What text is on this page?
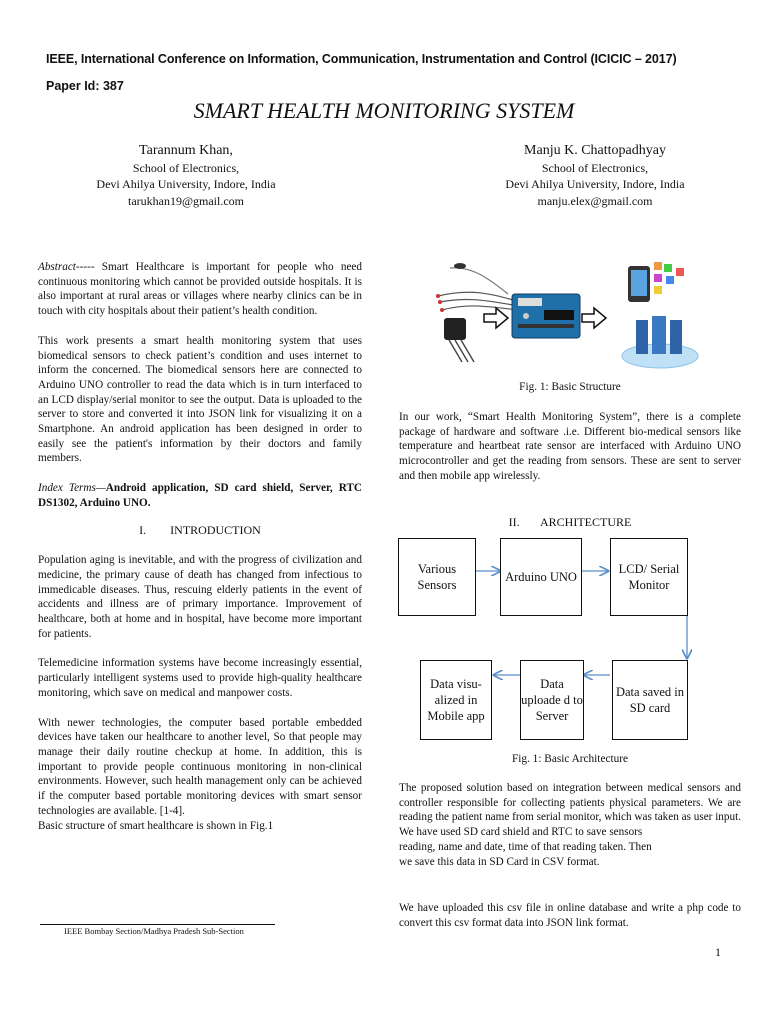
IEEE, International Conference on Information, Communication, Instrumentation and Control (ICICIC – 2017)
Paper Id: 387
SMART HEALTH MONITORING SYSTEM
Tarannum Khan,
School of Electronics,
Devi Ahilya University, Indore, India
tarukhan19@gmail.com
Manju K. Chattopadhyay
School of Electronics,
Devi Ahilya University, Indore, India
manju.elex@gmail.com

Abstract----- Smart Healthcare is important for people who need continuous monitoring which cannot be provided outside hospitals. It is also important at rural areas or villages where nearby clinics can be in touch with city hospitals about their patient’s health condition.

This work presents a smart health monitoring system that uses biomedical sensors to check patient’s condition and uses internet to inform the concerned. The biomedical sensors here are connected to Arduino UNO controller to read the data which is in turn interfaced to an LCD display/serial monitor to see the output. Data is uploaded to the server to store and converted it into JSON link for visualizing it on a Smartphone. An android application has been designed in order to easily see the patient's information by their doctors and family members.

Index Terms—Android application, SD card shield, Server, RTC DS1302, Arduino UNO.

I.        INTRODUCTION

Population aging is inevitable, and with the progress of civilization and medicine, the primary cause of death has changed from infectious to immedicable diseases. Thus, rescuing elderly patients in the event of accidents and illness are of primary importance. Improvement of healthcare, both at home and in hospital, have become more important for patients.

Telemedicine information systems have become increasingly essential, particularly intelligent systems used to provide high-quality healthcare monitoring, which save on medical and manpower costs.

With newer technologies, the computer based portable embedded devices have taken our healthcare to another level, So that people may manage their daily routine checkup at home. In addition, this is important to provide people continuous monitoring in non-clinical environments. However, such health management only can be achieved if the computer based portable monitoring devices with smart sensor technologies are available. [1-4].

Basic structure of smart healthcare is shown in Fig.1

IEEE Bombay Section/Madhya Pradesh Sub-Section
Fig. 1: Basic Structure
In our work, “Smart Health Monitoring System”, there is a complete package of hardware and software .i.e. Different bio-medical sensors like temperature and heartbeat rate sensor are interfaced with Arduino UNO microcontroller and get the reading from sensors. These are sent to server and then mobile app wirelessly.
II.       ARCHITECTURE
Various Sensors
Arduino UNO
LCD/ Serial Monitor
Data saved in SD card
Data uploade d to Server
Data visu- alized in Mobile app
Fig. 1: Basic Architecture
The proposed solution based on integration between medical sensors and controller responsible for collecting patients physical parameters. We are reading the patient name from serial monitor, which was taken as user input. We have used SD card shield and RTC to save sensors
reading, name and date, time of that reading taken. Then
we save this data in SD Card in CSV format.
We have uploaded this csv file in online database and write a php code to convert this csv format data into JSON link format.
1
